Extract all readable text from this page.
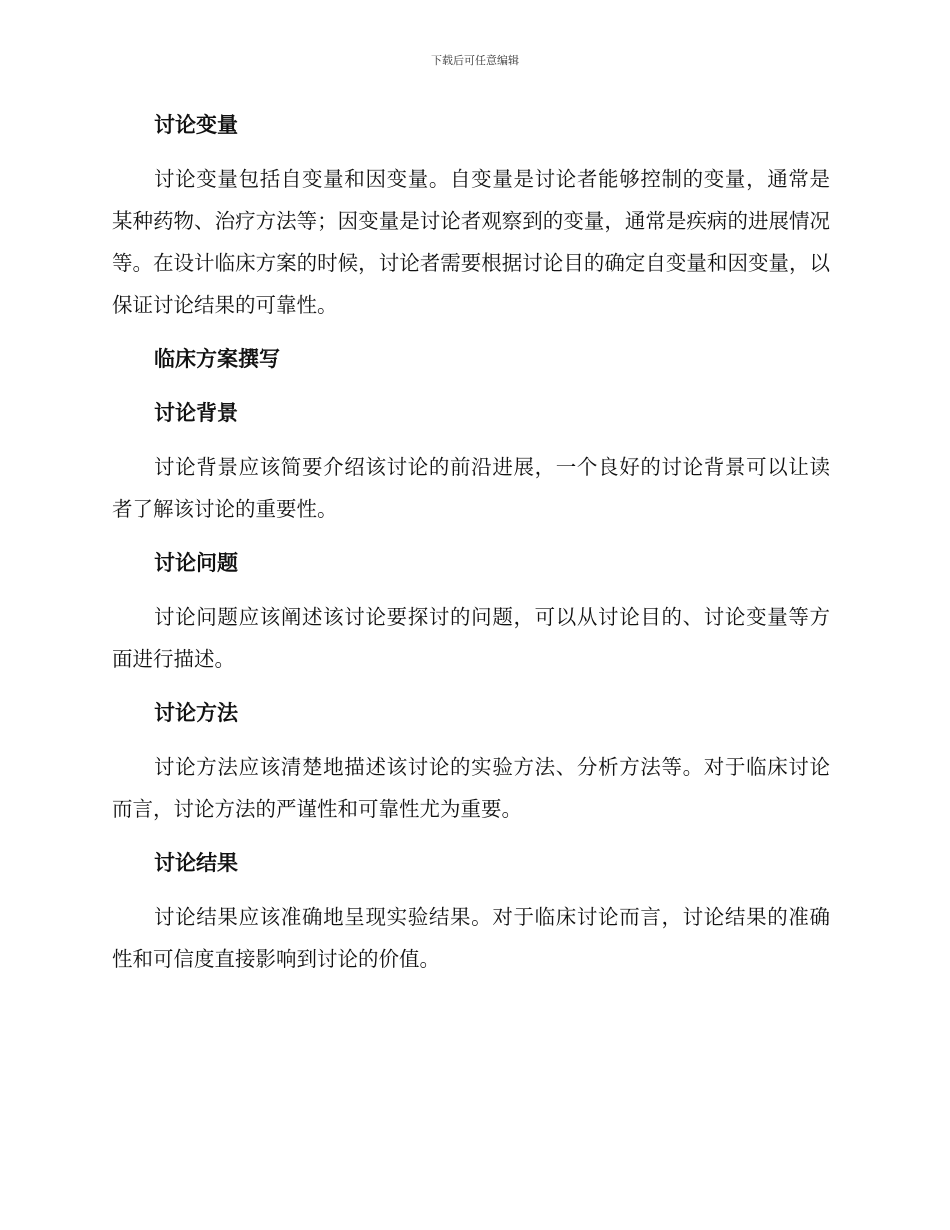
下载后可任意编辑
讨论变量

讨论变量包括自变量和因变量。自变量是讨论者能够控制的变量，通常是某种药物、治疗方法等；因变量是讨论者观察到的变量，通常是疾病的进展情况等。在设计临床方案的时候，讨论者需要根据讨论目的确定自变量和因变量，以保证讨论结果的可靠性。

临床方案撰写
讨论背景

讨论背景应该简要介绍该讨论的前沿进展，一个良好的讨论背景可以让读者了解该讨论的重要性。

讨论问题

讨论问题应该阐述该讨论要探讨的问题，可以从讨论目的、讨论变量等方面进行描述。

讨论方法

讨论方法应该清楚地描述该讨论的实验方法、分析方法等。对于临床讨论而言，讨论方法的严谨性和可靠性尤为重要。

讨论结果

讨论结果应该准确地呈现实验结果。对于临床讨论而言，讨论结果的准确性和可信度直接影响到讨论的价值。
